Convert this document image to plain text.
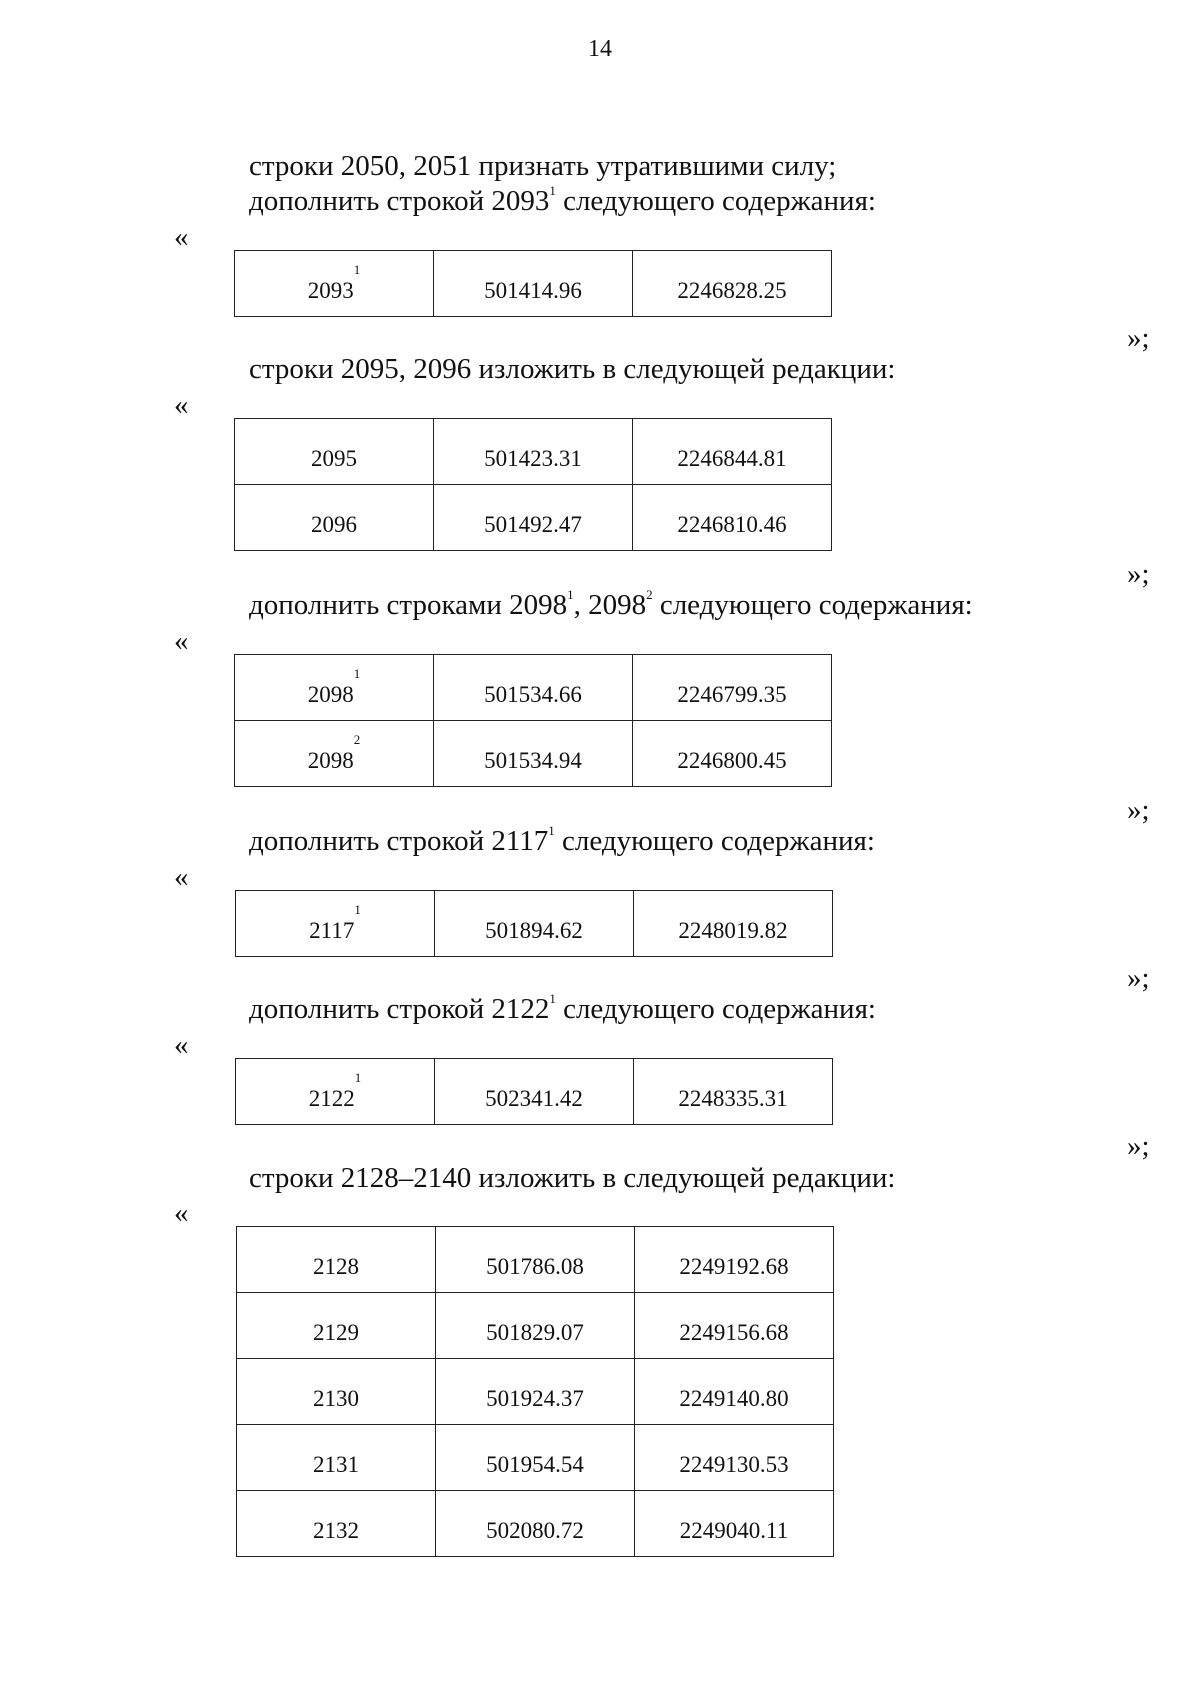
14
строки 2050, 2051 признать утратившими силу;
дополнить строкой 2093$^1$ следующего содержания:
«
2093$^1$	501414.96	2246828.25
»;
строки 2095, 2096 изложить в следующей редакции:
«
2095	501423.31	2246844.81
2096	501492.47	2246810.46
»;
дополнить строками 2098$^1$, 2098$^2$ следующего содержания:
«
2098$^1$	501534.66	2246799.35
2098$^2$	501534.94	2246800.45
»;
дополнить строкой 2117$^1$ следующего содержания:
«
2117$^1$	501894.62	2248019.82
»;
дополнить строкой 2122$^1$ следующего содержания:
«
2122$^1$	502341.42	2248335.31
»;
строки 2128–2140 изложить в следующей редакции:
«
2128	501786.08	2249192.68
2129	501829.07	2249156.68
2130	501924.37	2249140.80
2131	501954.54	2249130.53
2132	502080.72	2249040.11
